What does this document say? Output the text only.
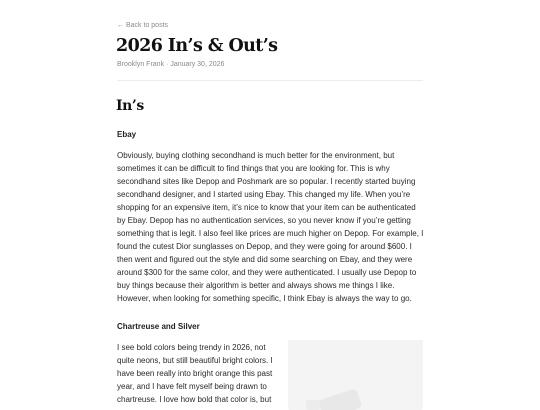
← Back to posts
2026 In’s & Out’s
Brooklyn Frank · January 30, 2026
In’s
Ebay

Obviously, buying clothing secondhand is much better for the environment, but sometimes it can be difficult to find things that you are looking for. This is why secondhand sites like Depop and Poshmark are so popular. I recently started buying secondhand designer, and I started using Ebay. This changed my life. When you’re shopping for an expensive item, it’s nice to know that your item can be authenticated by Ebay. Depop has no authentication services, so you never know if you’re getting something that is legit. I also feel like prices are much higher on Depop. For example, I found the cutest Dior sunglasses on Depop, and they were going for around $600. I then went and figured out the style and did some searching on Ebay, and they were around $300 for the same color, and they were authenticated. I usually use Depop to buy things because their algorithm is better and always shows me things I like. However, when looking for something specific, I think Ebay is always the way to go.

Chartreuse and Silver

I see bold colors being trendy in 2026, not quite neons, but still beautiful bright colors. I have been really into bright orange this past year, and I have felt myself being drawn to chartreuse. I love how bold that color is, but
